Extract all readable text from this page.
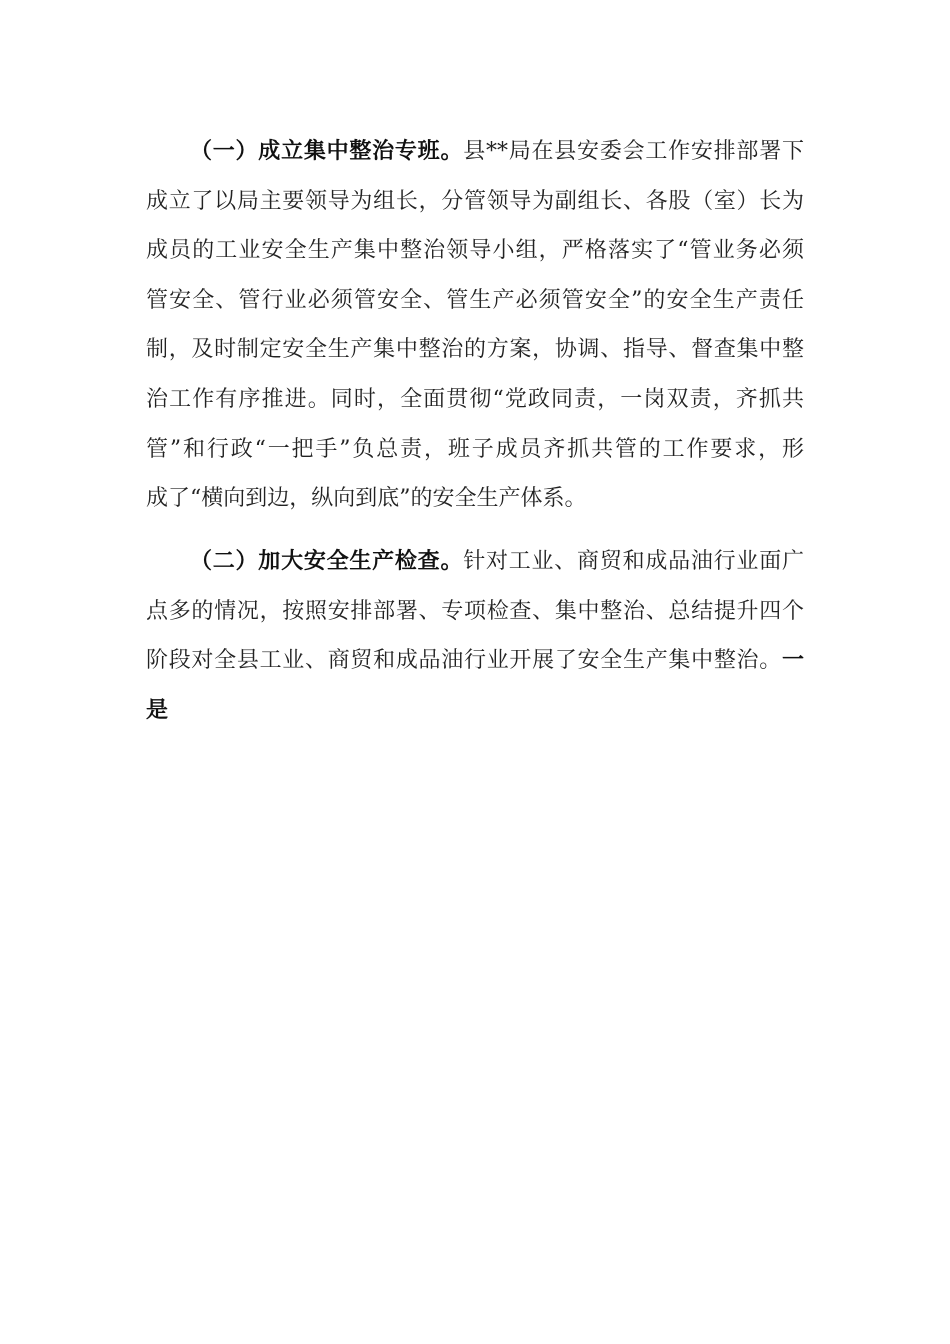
（一）成立集中整治专班。县**局在县安委会工作安排部署下
成立了以局主要领导为组长，分管领导为副组长、各股（室）长为
成员的工业安全生产集中整治领导小组，严格落实了“管业务必须
管安全、管行业必须管安全、管生产必须管安全”的安全生产责任
制，及时制定安全生产集中整治的方案，协调、指导、督查集中整
治工作有序推进。同时，全面贯彻“党政同责，一岗双责，齐抓共
管”和行政“一把手”负总责，班子成员齐抓共管的工作要求，形
成了“横向到边，纵向到底”的安全生产体系。
（二）加大安全生产检查。针对工业、商贸和成品油行业面广
点多的情况，按照安排部署、专项检查、集中整治、总结提升四个
阶段对全县工业、商贸和成品油行业开展了安全生产集中整治。一
是
